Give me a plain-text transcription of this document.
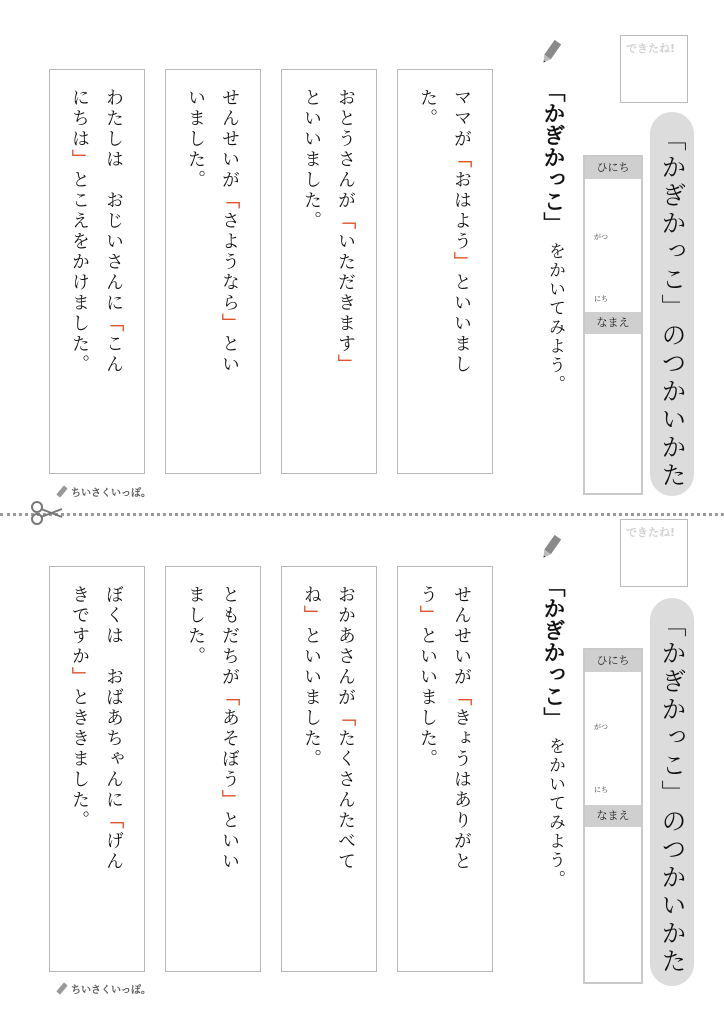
できたね!
「かぎかっこ」のつかいかた
ひにち
がつ
にち
なまえ
「かぎかっこ」
をかいてみよう。
ママが「おはよう」といいまし
た。
おとうさんが「いただきます」
といいました。
せんせいが「さようなら」とい
いました。
わたしは　おじいさんに「こん
にちは」とこえをかけました。
ちいさくいっぽ。
できたね!
「かぎかっこ」のつかいかた
ひにち
がつ
にち
なまえ
「かぎかっこ」
をかいてみよう。
せんせいが「きょうはありがと
う」といいました。
おかあさんが「たくさんたべて
ね」といいました。
ともだちが「あそぼう」といい
ました。
ぼくは　おばあちゃんに「げん
きですか」とききました。
ちいさくいっぽ。
